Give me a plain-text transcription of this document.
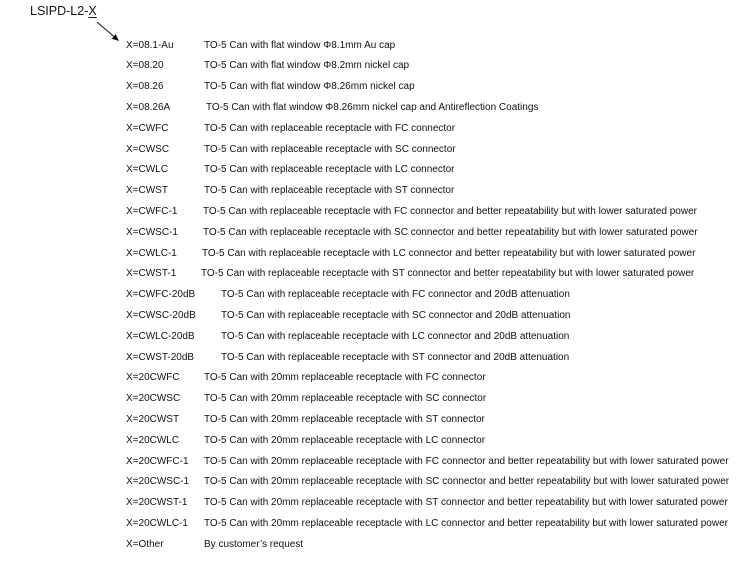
LSIPD-L2-X
X=08.1-Au	TO-5 Can with flat window Φ8.1mm Au cap
X=08.20	TO-5 Can with flat window Φ8.2mm nickel cap
X=08.26	TO-5 Can with flat window Φ8.26mm nickel cap
X=08.26A	TO-5 Can with flat window Φ8.26mm nickel cap and Antireflection Coatings
X=CWFC	TO-5 Can with replaceable receptacle with FC connector
X=CWSC	TO-5 Can with replaceable receptacle with SC connector
X=CWLC	TO-5 Can with replaceable receptacle with LC connector
X=CWST	TO-5 Can with replaceable receptacle with ST connector
X=CWFC-1	TO-5 Can with replaceable receptacle with FC connector and better repeatability but with lower saturated power
X=CWSC-1	TO-5 Can with replaceable receptacle with SC connector and better repeatability but with lower saturated power
X=CWLC-1	TO-5 Can with replaceable receptacle with LC connector and better repeatability but with lower saturated power
X=CWST-1 TO-5 Can with replaceable receptacle with ST connector and better repeatability but with lower saturated power
X=CWFC-20dB	TO-5 Can with replaceable receptacle with FC connector and 20dB attenuation
X=CWSC-20dB	TO-5 Can with replaceable receptacle with SC connector and 20dB attenuation
X=CWLC-20dB	TO-5 Can with replaceable receptacle with LC connector and 20dB attenuation
X=CWST-20dB	TO-5 Can with replaceable receptacle with ST connector and 20dB attenuation
X=20CWFC TO-5 Can with 20mm replaceable receptacle with FC connector
X=20CWSC TO-5 Can with 20mm replaceable receptacle with SC connector
X=20CWST TO-5 Can with 20mm replaceable receptacle with ST connector
X=20CWLC TO-5 Can with 20mm replaceable receptacle with LC connector
X=20CWFC-1 TO-5 Can with 20mm replaceable receptacle with FC connector and better repeatability but with lower saturated power
X=20CWSC-1 TO-5 Can with 20mm replaceable receptacle with SC connector and better repeatability but with lower saturated power
X=20CWST-1 TO-5 Can with 20mm replaceable receptacle with ST connector and better repeatability but with lower saturated power
X=20CWLC-1 TO-5 Can with 20mm replaceable receptacle with LC connector and better repeatability but with lower saturated power
X=Other	By customer’s request
